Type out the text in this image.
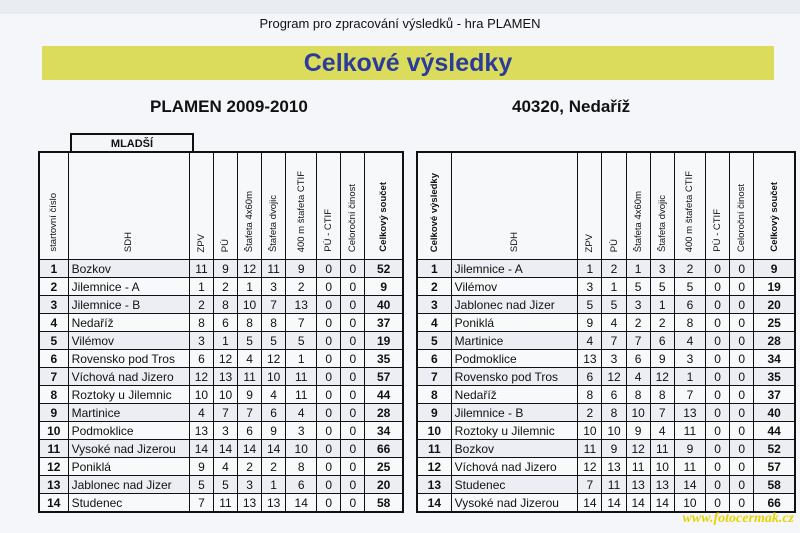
Program pro zpracování výsledků - hra PLAMEN
Celkové výsledky
PLAMEN 2009-2010	40320, Nedaříž
MLADŠÍ
startovní číslo	SDH	ZPV	PÚ	Štafeta 4x60m	Štafeta dvojic	400 m štafeta CTIF	PÚ - CTIF	Celoroční činost	Celkový součet
1	Bozkov	11	9	12	11	9	0	0	52
2	Jilemnice - A	1	2	1	3	2	0	0	9
3	Jilemnice - B	2	8	10	7	13	0	0	40
4	Nedaříž	8	6	8	8	7	0	0	37
5	Vilémov	3	1	5	5	5	0	0	19
6	Rovensko pod Tros	6	12	4	12	1	0	0	35
7	Víchová nad Jizero	12	13	11	10	11	0	0	57
8	Roztoky u Jilemnic	10	10	9	4	11	0	0	44
9	Martinice	4	7	7	6	4	0	0	28
10	Podmoklice	13	3	6	9	3	0	0	34
11	Vysoké nad Jizerou	14	14	14	14	10	0	0	66
12	Poniklá	9	4	2	2	8	0	0	25
13	Jablonec nad Jizer	5	5	3	1	6	0	0	20
14	Studenec	7	11	13	13	14	0	0	58
Celkové výsledky	SDH	ZPV	PÚ	Štafeta 4x60m	Štafeta dvojic	400 m štafeta CTIF	PÚ - CTIF	Celoroční činost	Celkový součet
1	Jilemnice - A	1	2	1	3	2	0	0	9
2	Vilémov	3	1	5	5	5	0	0	19
3	Jablonec nad Jizer	5	5	3	1	6	0	0	20
4	Poniklá	9	4	2	2	8	0	0	25
5	Martinice	4	7	7	6	4	0	0	28
6	Podmoklice	13	3	6	9	3	0	0	34
7	Rovensko pod Tros	6	12	4	12	1	0	0	35
8	Nedaříž	8	6	8	8	7	0	0	37
9	Jilemnice - B	2	8	10	7	13	0	0	40
10	Roztoky u Jilemnic	10	10	9	4	11	0	0	44
11	Bozkov	11	9	12	11	9	0	0	52
12	Víchová nad Jizero	12	13	11	10	11	0	0	57
13	Studenec	7	11	13	13	14	0	0	58
14	Vysoké nad Jizerou	14	14	14	14	10	0	0	66
www.fotocermak.cz
